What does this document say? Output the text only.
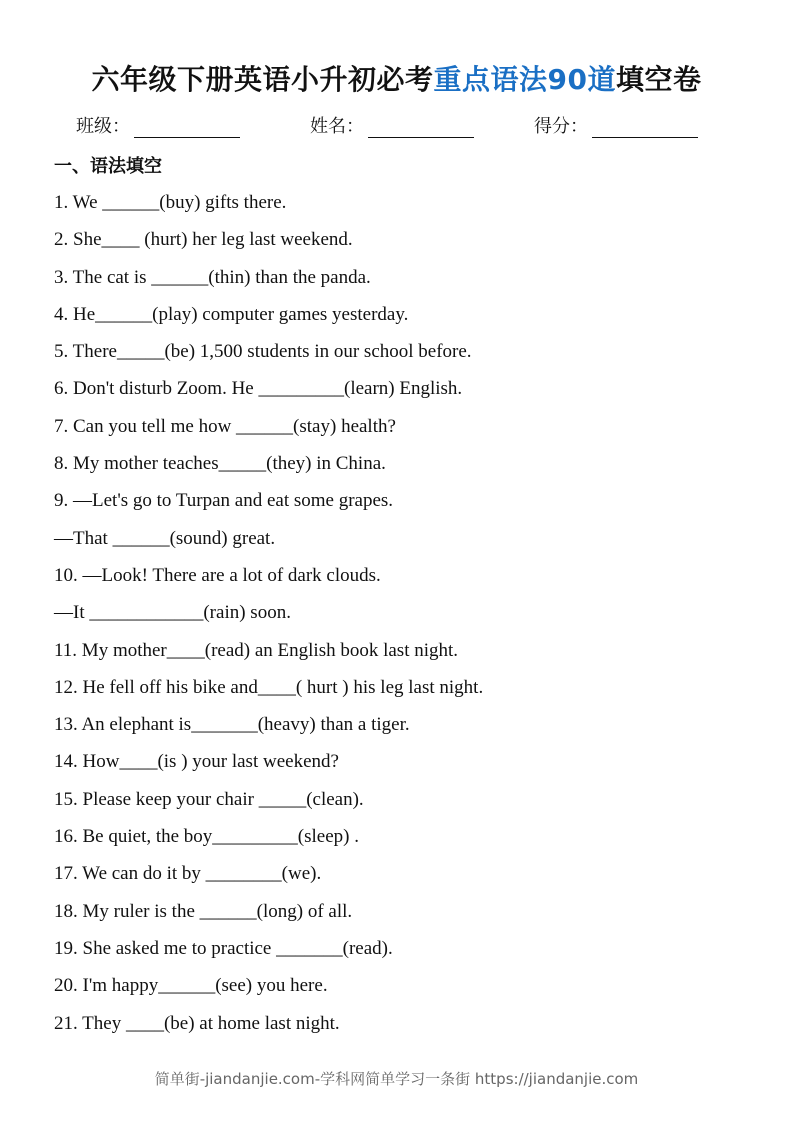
六年级下册英语小升初必考重点语法90道填空卷
班级：	姓名：	得分：
一、语法填空
1. We ______(buy) gifts there.
2. She____ (hurt) her leg last weekend.
3. The cat is ______(thin) than the panda.
4. He______(play) computer games yesterday.
5. There_____(be) 1,500 students in our school before.
6. Don't disturb Zoom. He _________(learn) English.
7. Can you tell me how ______(stay) health?
8. My mother teaches_____(they) in China.
9. —Let's go to Turpan and eat some grapes.
—That ______(sound) great.
10. —Look! There are a lot of dark clouds.
—It ____________(rain) soon.
11. My mother____(read) an English book last night.
12. He fell off his bike and____( hurt ) his leg last night.
13. An elephant is_______(heavy) than a tiger.
14. How____(is ) your last weekend?
15. Please keep your chair _____(clean).
16. Be quiet, the boy_________(sleep) .
17. We can do it by ________(we).
18. My ruler is the ______(long) of all.
19. She asked me to practice _______(read).
20. I'm happy______(see) you here.
21. They ____(be) at home last night.
简单街-jiandanjie.com-学科网简单学习一条街 https://jiandanjie.com
